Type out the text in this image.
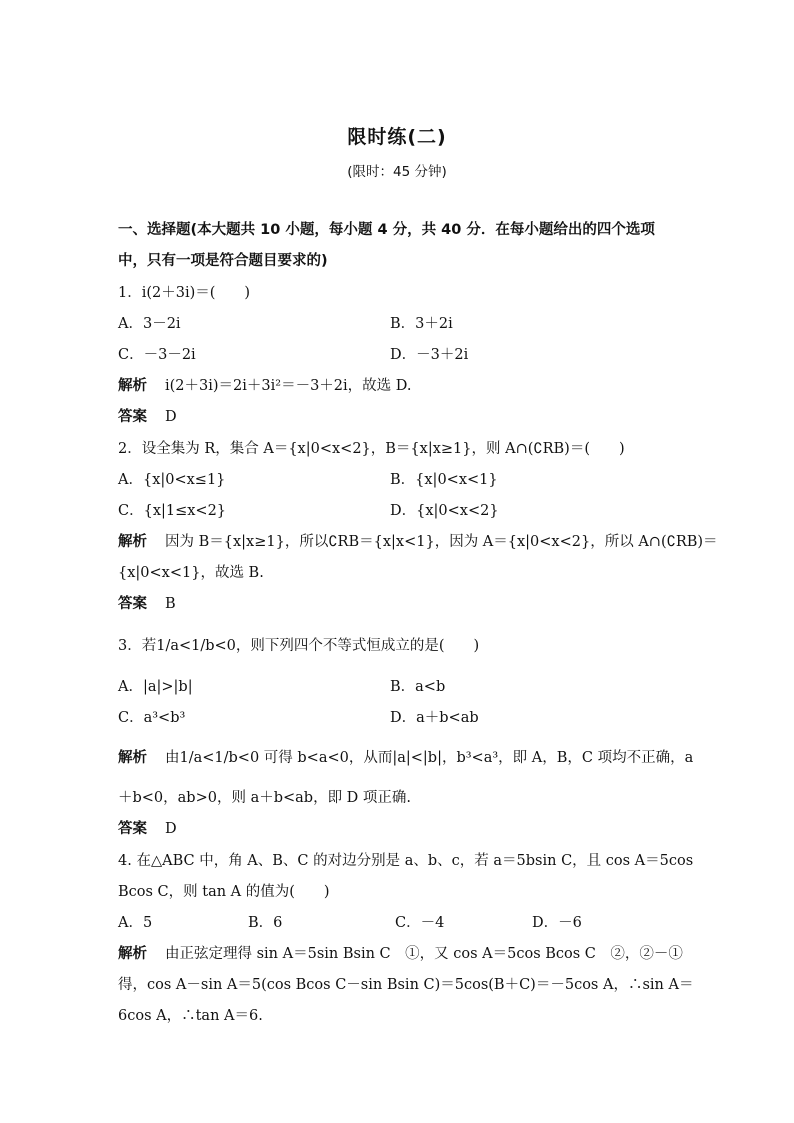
限时练(二)
(限时：45 分钟)
一、选择题(本大题共 10 小题，每小题 4 分，共 40 分．在每小题给出的四个选项
中，只有一项是符合题目要求的)
1．i(2＋3i)＝(　　)
A．3－2i	B．3＋2i
C．－3－2i	D．－3＋2i
解析 i(2＋3i)＝2i＋3i²＝－3＋2i，故选 D.
答案 D
2．设全集为 R，集合 A＝{x|0<x<2}，B＝{x|x≥1}，则 A∩(∁RB)＝(　　)
A．{x|0<x≤1}	B．{x|0<x<1}
C．{x|1≤x<2}	D．{x|0<x<2}
解析 因为 B＝{x|x≥1}，所以∁RB＝{x|x<1}，因为 A＝{x|0<x<2}，所以 A∩(∁RB)＝
{x|0<x<1}，故选 B.
答案 B
3．若1/a<1/b<0，则下列四个不等式恒成立的是(　　)
A．|a|>|b|	B．a<b
C．a³<b³	D．a＋b<ab
解析 由1/a<1/b<0 可得 b<a<0，从而|a|<|b|，b³<a³，即 A，B，C 项均不正确，a
＋b<0，ab>0，则 a＋b<ab，即 D 项正确.
答案 D
4. 在△ABC 中，角 A、B、C 的对边分别是 a、b、c，若 a＝5bsin C，且 cos A＝5cos
Bcos C，则 tan A 的值为(　　)
A．5	B．6	C．－4	D．－6
解析 由正弦定理得 sin A＝5sin Bsin C　①，又 cos A＝5cos Bcos C　②，②－①
得，cos A－sin A＝5(cos Bcos C－sin Bsin C)＝5cos(B＋C)＝－5cos A，∴sin A＝
6cos A，∴tan A＝6.
